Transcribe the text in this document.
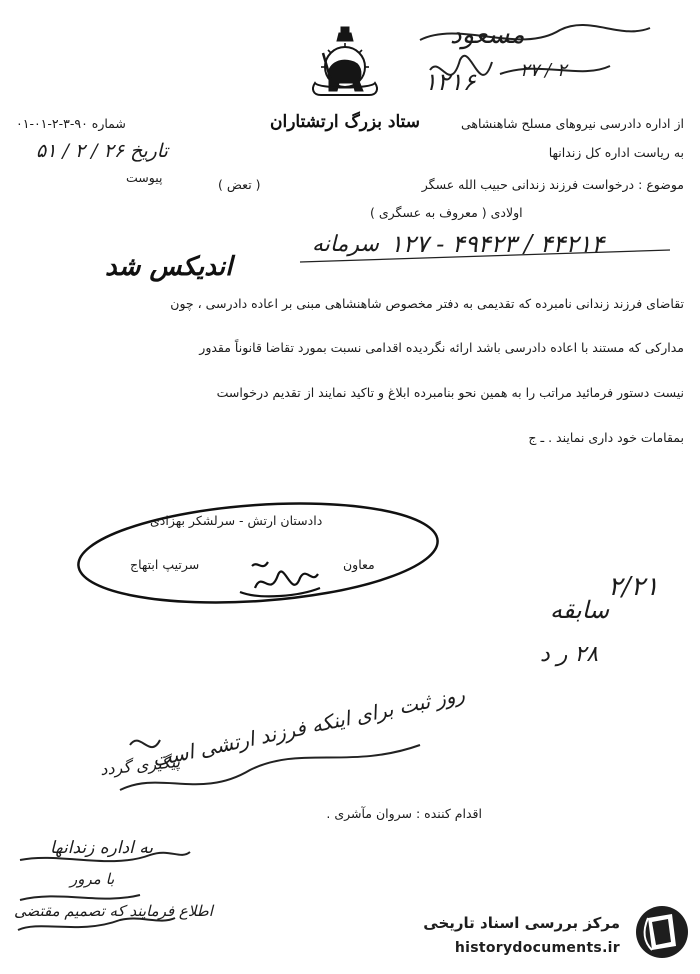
مسعود
۲۷ / ۲
۱۲۱۶
ستاد بزرگ ارتشتاران	از اداره دادرسی نیروهای مسلح شاهنشاهی
به ریاست اداره کل زندانها
شماره ۹۰-۳-۲-۰۱-۰۱
تاریخ ۲۶ / ۲ / ۵۱
پیوست	موضوع : درخواست فرزند زندانی حبیب الله عسگر
( تعض )
اولادی ( معروف به عسگری )
سرمانه ۱۲۷ - ۴۹۴۲۳ / ۴۴۲۱۴
اندیکس شد
تقاضای فرزند زندانی نامبرده که تقدیمی به دفتر مخصوص شاهنشاهی مبنی بر اعاده دادرسی ، چون
مدارکی که مستند با اعاده دادرسی باشد ارائه نگردیده اقدامی نسبت بمورد تقاضا قانوناً مقدور
نیست دستور فرمائید مراتب را به همین نحو بنامبرده ابلاغ و تاکید نمایند از تقدیم درخواست
بمقامات خود داری نمایند . ـ ج
دادستان ارتش - سرلشکر بهزادی
معاون
سرتیپ ابتهاج
۲/۲۱
سابقه
۲۸ ر د
روز ثبت برای اینکه فرزند ارتشی است
پیگیری گردد
اقدام کننده : سروان مآشری .
به اداره زندانها
با مرور
اطلاع فرمایند که تصمیم مقتضی
مرکز بررسی اسناد تاریخی
historydocuments.ir
